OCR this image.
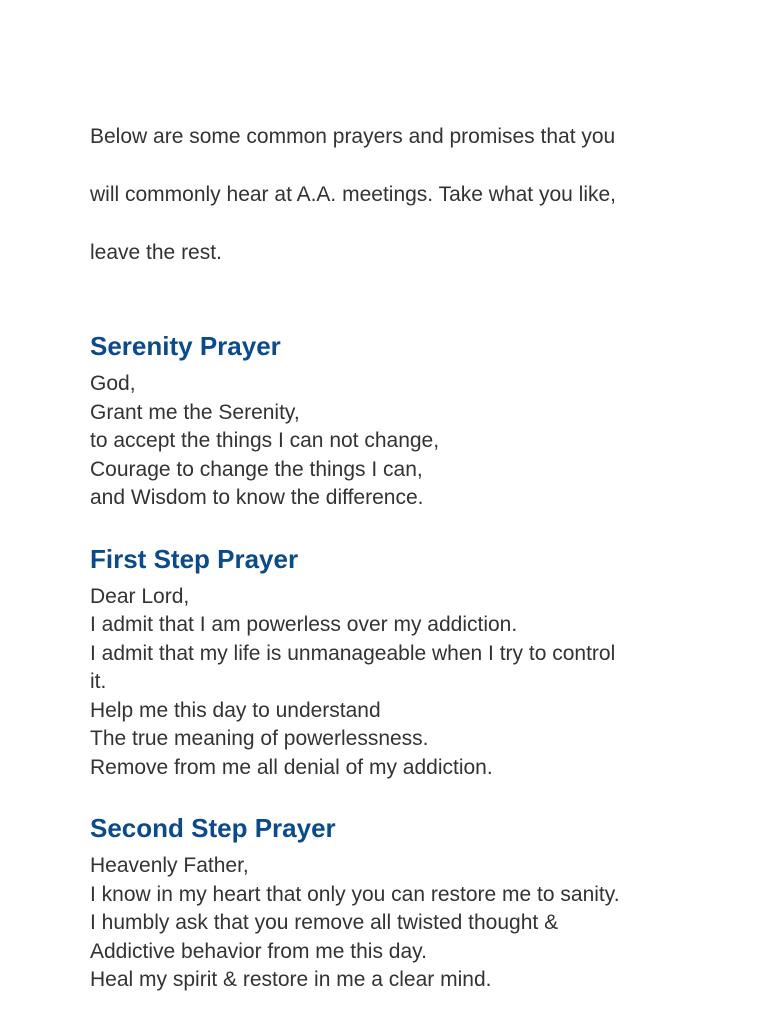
Below are some common prayers and promises that you

will commonly hear at A.A. meetings. Take what you like,

leave the rest.

Serenity Prayer
God,
Grant me the Serenity,
to accept the things I can not change,
Courage to change the things I can,
and Wisdom to know the difference.
First Step Prayer
Dear Lord,
I admit that I am powerless over my addiction.
I admit that my life is unmanageable when I try to control
it.
Help me this day to understand
The true meaning of powerlessness.
Remove from me all denial of my addiction.
Second Step Prayer
Heavenly Father,
I know in my heart that only you can restore me to sanity.
I humbly ask that you remove all twisted thought &
Addictive behavior from me this day.
Heal my spirit & restore in me a clear mind.
